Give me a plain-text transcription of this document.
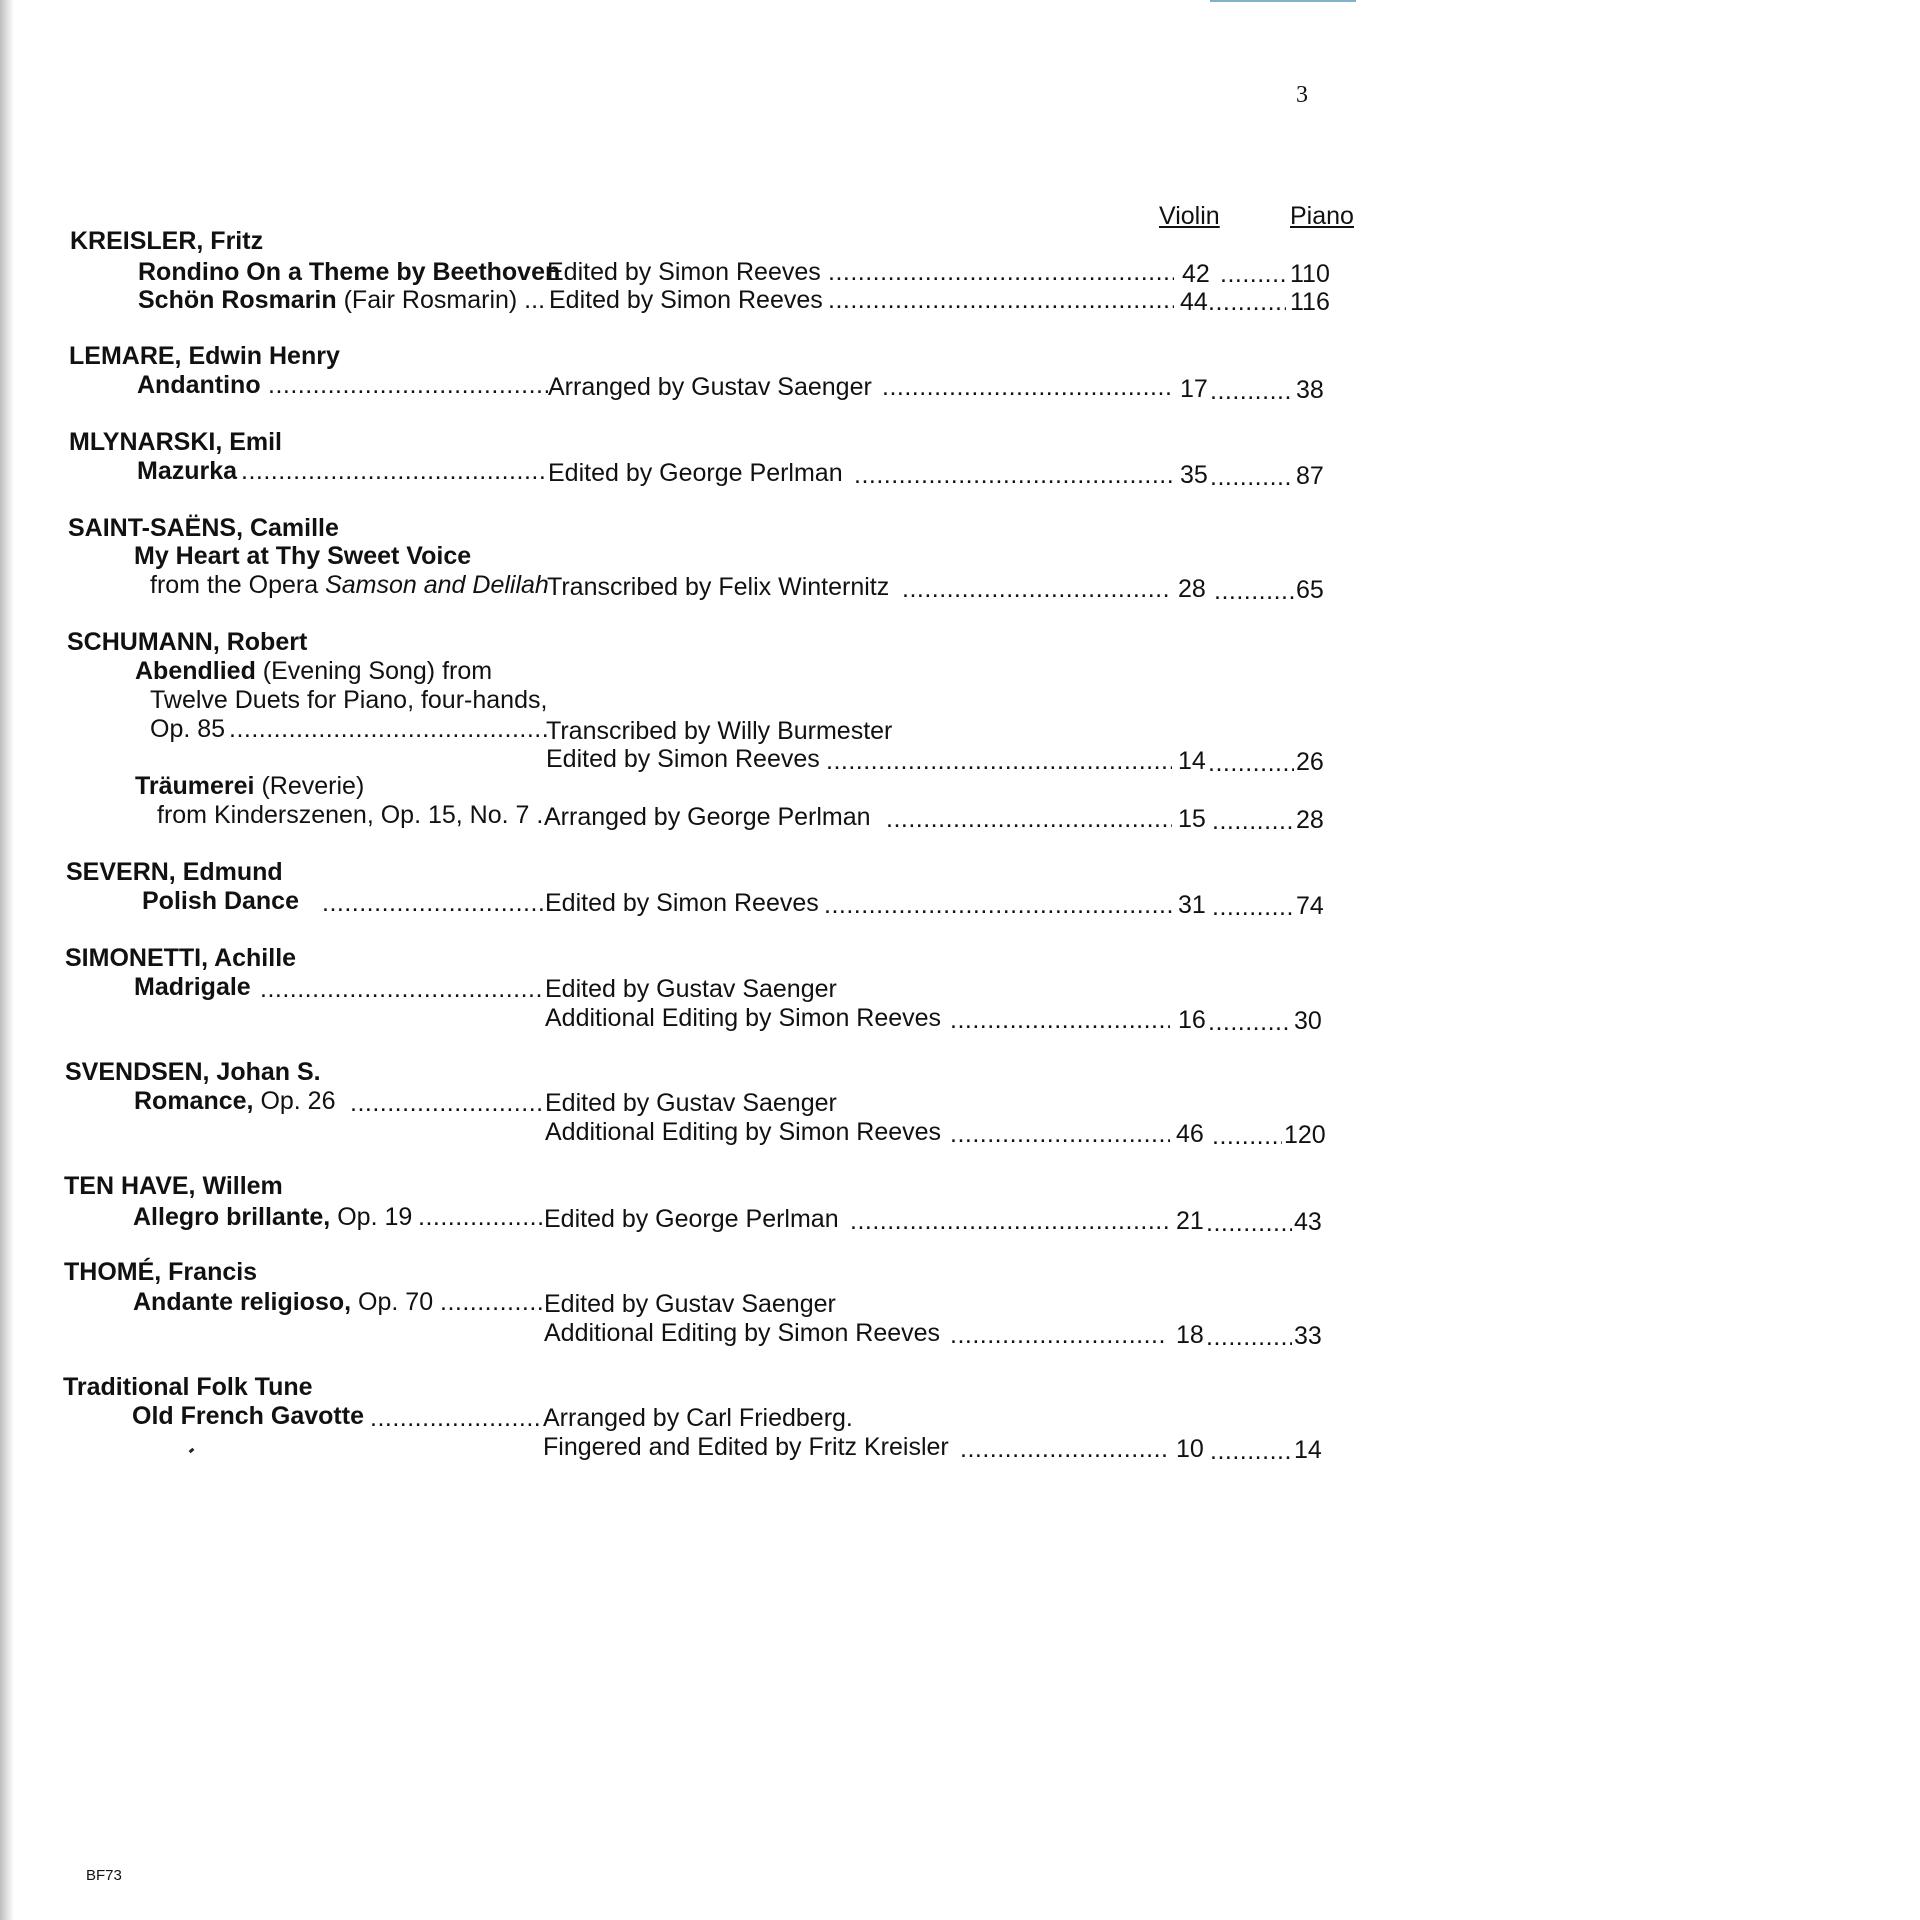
3
Violin	Piano
KREISLER, Fritz
Rondino On a Theme by Beethoven
Edited by Simon Reeves .....	42 .....	110
Schön Rosmarin (Fair Rosmarin) ... Edited by Simon Reeves .....	44 .....	116
LEMARE, Edwin Henry
Andantino .....	Arranged by Gustav Saenger .....	17 .....	38
MLYNARSKI, Emil
Mazurka .....	Edited by George Perlman .....	35 .....	87
SAINT-SAËNS, Camille
My Heart at Thy Sweet Voice
from the Opera Samson and Delilah
Transcribed by Felix Winternitz .....	28 .....	65
SCHUMANN, Robert
Abendlied (Evening Song) from
Twelve Duets for Piano, four-hands,
Op. 85 .....	Transcribed by Willy Burmester
Edited by Simon Reeves .....	14 .....	26
Träumerei (Reverie)
from Kinderszenen, Op. 15, No. 7 . Arranged by George Perlman .....	15 .....	28
SEVERN, Edmund
Polish Dance .....	Edited by Simon Reeves .....	31 .....	74
SIMONETTI, Achille
Madrigale .....	Edited by Gustav Saenger
Additional Editing by Simon Reeves .....	16 .....	30
SVENDSEN, Johan S.
Romance, Op. 26 .....	Edited by Gustav Saenger
Additional Editing by Simon Reeves .....	46 .....	120
TEN HAVE, Willem
Allegro brillante, Op. 19 .....	Edited by George Perlman .....	21 .....	43
THOMÉ, Francis
Andante religioso, Op. 70 .....	Edited by Gustav Saenger
Additional Editing by Simon Reeves .....	18 .....	33
Traditional Folk Tune
Old French Gavotte .....	Arranged by Carl Friedberg.
Fingered and Edited by Fritz Kreisler .....	10 .....	14
BF73
